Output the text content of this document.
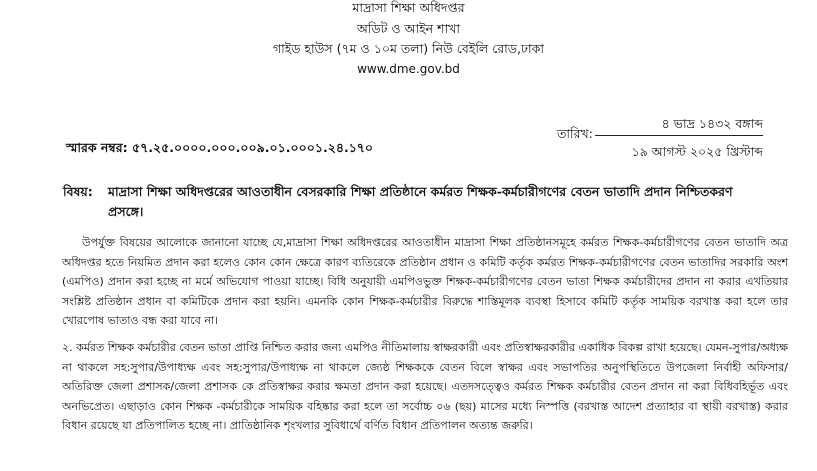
মাদ্রাসা শিক্ষা অধিদপ্তর
অডিট ও আইন শাখা
গাইড হাউস (৭ম ও ১০ম তলা) নিউ বেইলি রোড,ঢাকা
www.dme.gov.bd
৪ ভাদ্র ১৪৩২ বঙ্গাব্দ
তারিখ:
১৯ আগস্ট ২০২৫ খ্রিস্টাব্দ
স্মারক নম্বর: ৫৭.২৫.০০০০.০০০.০০৯.০১.০০০১.২৪.১৭০
বিষয়: মাদ্রাসা শিক্ষা অধিদপ্তরের আওতাধীন বেসরকারি শিক্ষা প্রতিষ্ঠানে কর্মরত শিক্ষক-কর্মচারীগণের বেতন ভাতাদি প্রদান নিশ্চিতকরণ প্রসঙ্গে।
উপর্যুক্ত বিষয়ের আলোকে জানানো যাচ্ছে যে,মাদ্রাসা শিক্ষা অধিদপ্তরের আওতাধীন মাদ্রাসা শিক্ষা প্রতিষ্ঠানসমূহে কর্মরত শিক্ষক-কর্মচারীগণের বেতন ভাতাদি অত্র অধিদপ্তর হতে নিয়মিত প্রদান করা হলেও কোন কোন ক্ষেত্রে কারণ ব্যতিরেকে প্রতিষ্ঠান প্রধান ও কমিটি কর্তৃক কর্মরত শিক্ষক-কর্মচারীগণের বেতন ভাতাদির সরকারি অংশ (এমপিও) প্রদান করা হচ্ছে না মর্মে অভিযোগ পাওয়া যাচ্ছে। বিধি অনুযায়ী এমপিওভুক্ত শিক্ষক-কর্মচারীগণের বেতন ভাতা শিক্ষক কর্মচারীদের প্রদান না করার এখতিয়ার সংশ্লিষ্ট প্রতিষ্ঠান প্রধান বা কমিটিকে প্রদান করা হয়নি। এমনকি কোন শিক্ষক-কর্মচারীর বিরুদ্ধে শাস্তিমূলক ব্যবস্থা হিসাবে কমিটি কর্তৃক সাময়িক বরখাস্ত করা হলে তার খোরপোষ ভাতাও বন্ধ করা যাবে না।
২. কর্মরত শিক্ষক কর্মচারীর বেতন ভাতা প্রাপ্তি নিশ্চিত করার জন্য এমপিও নীতিমালায় স্বাক্ষরকারী এবং প্রতিস্বাক্ষরকারীর একাধিক বিকল্প রাখা হয়েছে। যেমন-সুপার/অধ্যক্ষ না থাকলে সহ:সুপার/উপাধ্যক্ষ এবং সহ:সুপার/উপাধ্যক্ষ না থাকলে জ্যেষ্ঠ শিক্ষককে বেতন বিলে স্বাক্ষর এবং সভাপতির অনুপস্থিতিতে উপজেলা নির্বাহী অফিসার/অতিরিক্ত জেলা প্রশাসক/জেলা প্রশাসক কে প্রতিস্বাক্ষর করার ক্ষমতা প্রদান করা হয়েছে। এতদসত্ত্বেও কর্মরত শিক্ষক কর্মচারীর বেতন প্রদান না করা বিধিবহির্ভূত এবং অনভিপ্রেত। এছাড়াও কোন শিক্ষক -কর্মচারীকে সাময়িক বহিষ্কার করা হলে তা সর্বোচ্চ ০৬ (ছয়) মাসের মধ্যে নিস্পত্তি (বরখাস্ত আদেশ প্রত্যাহার বা স্থায়ী বরখাস্ত) করার বিধান রয়েছে যা প্রতিপালিত হচ্ছে না। প্রাতিষ্ঠানিক শৃংখলার সুবিধার্থে বর্ণিত বিধান প্রতিপালন অত্যন্ত জরুরি।
